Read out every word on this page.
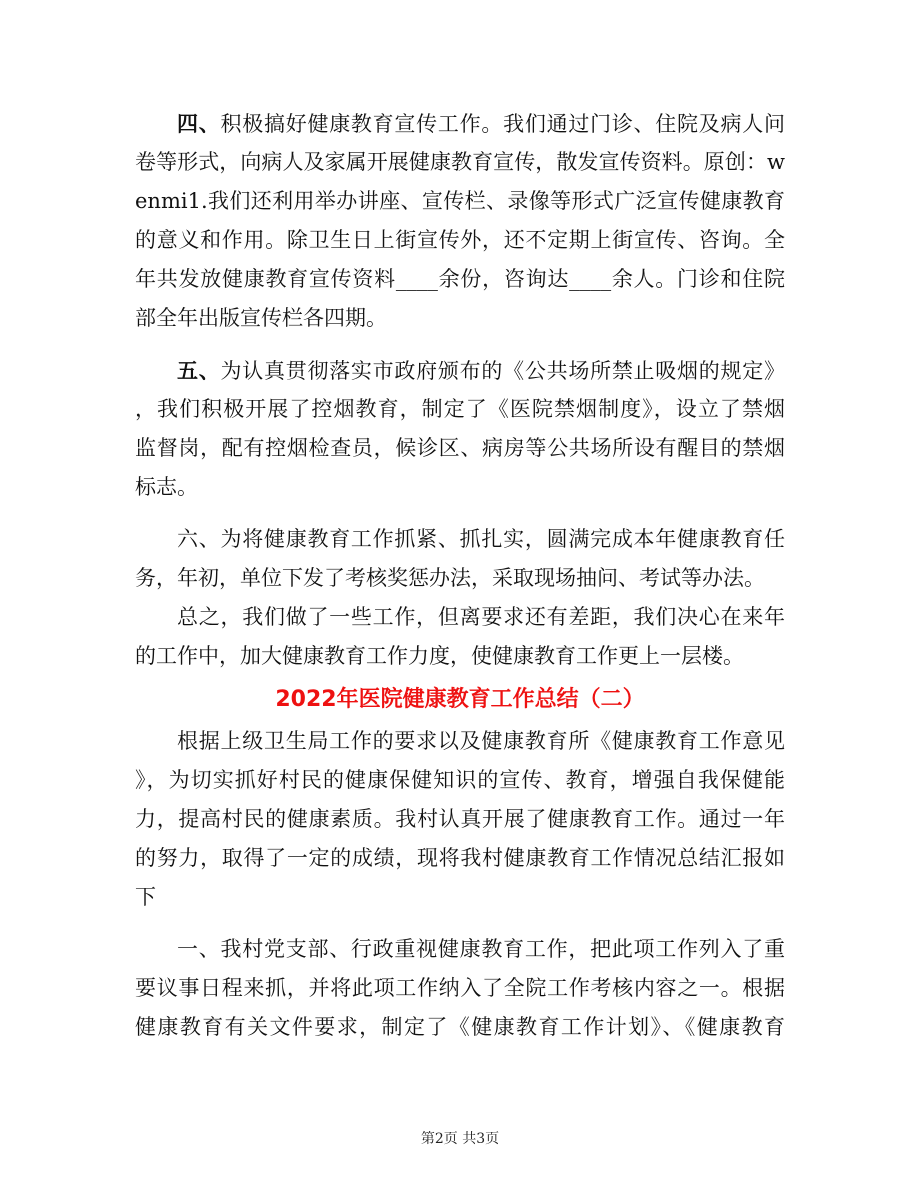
四、积极搞好健康教育宣传工作。我们通过门诊、住院及病人问
卷等形式，向病人及家属开展健康教育宣传，散发宣传资料。原创：w
enmi1.我们还利用举办讲座、宣传栏、录像等形式广泛宣传健康教育
的意义和作用。除卫生日上街宣传外，还不定期上街宣传、咨询。全
年共发放健康教育宣传资料____余份，咨询达____余人。门诊和住院
部全年出版宣传栏各四期。
五、为认真贯彻落实市政府颁布的《公共场所禁止吸烟的规定》
，我们积极开展了控烟教育，制定了《医院禁烟制度》，设立了禁烟
监督岗，配有控烟检查员，候诊区、病房等公共场所设有醒目的禁烟
标志。
六、为将健康教育工作抓紧、抓扎实，圆满完成本年健康教育任
务，年初，单位下发了考核奖惩办法，采取现场抽问、考试等办法。
总之，我们做了一些工作，但离要求还有差距，我们决心在来年
的工作中，加大健康教育工作力度，使健康教育工作更上一层楼。
2022年医院健康教育工作总结（二）
根据上级卫生局工作的要求以及健康教育所《健康教育工作意见
》，为切实抓好村民的健康保健知识的宣传、教育，增强自我保健能
力，提高村民的健康素质。我村认真开展了健康教育工作。通过一年
的努力，取得了一定的成绩，现将我村健康教育工作情况总结汇报如
下
一、我村党支部、行政重视健康教育工作，把此项工作列入了重
要议事日程来抓，并将此项工作纳入了全院工作考核内容之一。根据
健康教育有关文件要求，制定了《健康教育工作计划》、《健康教育
第2页 共3页
